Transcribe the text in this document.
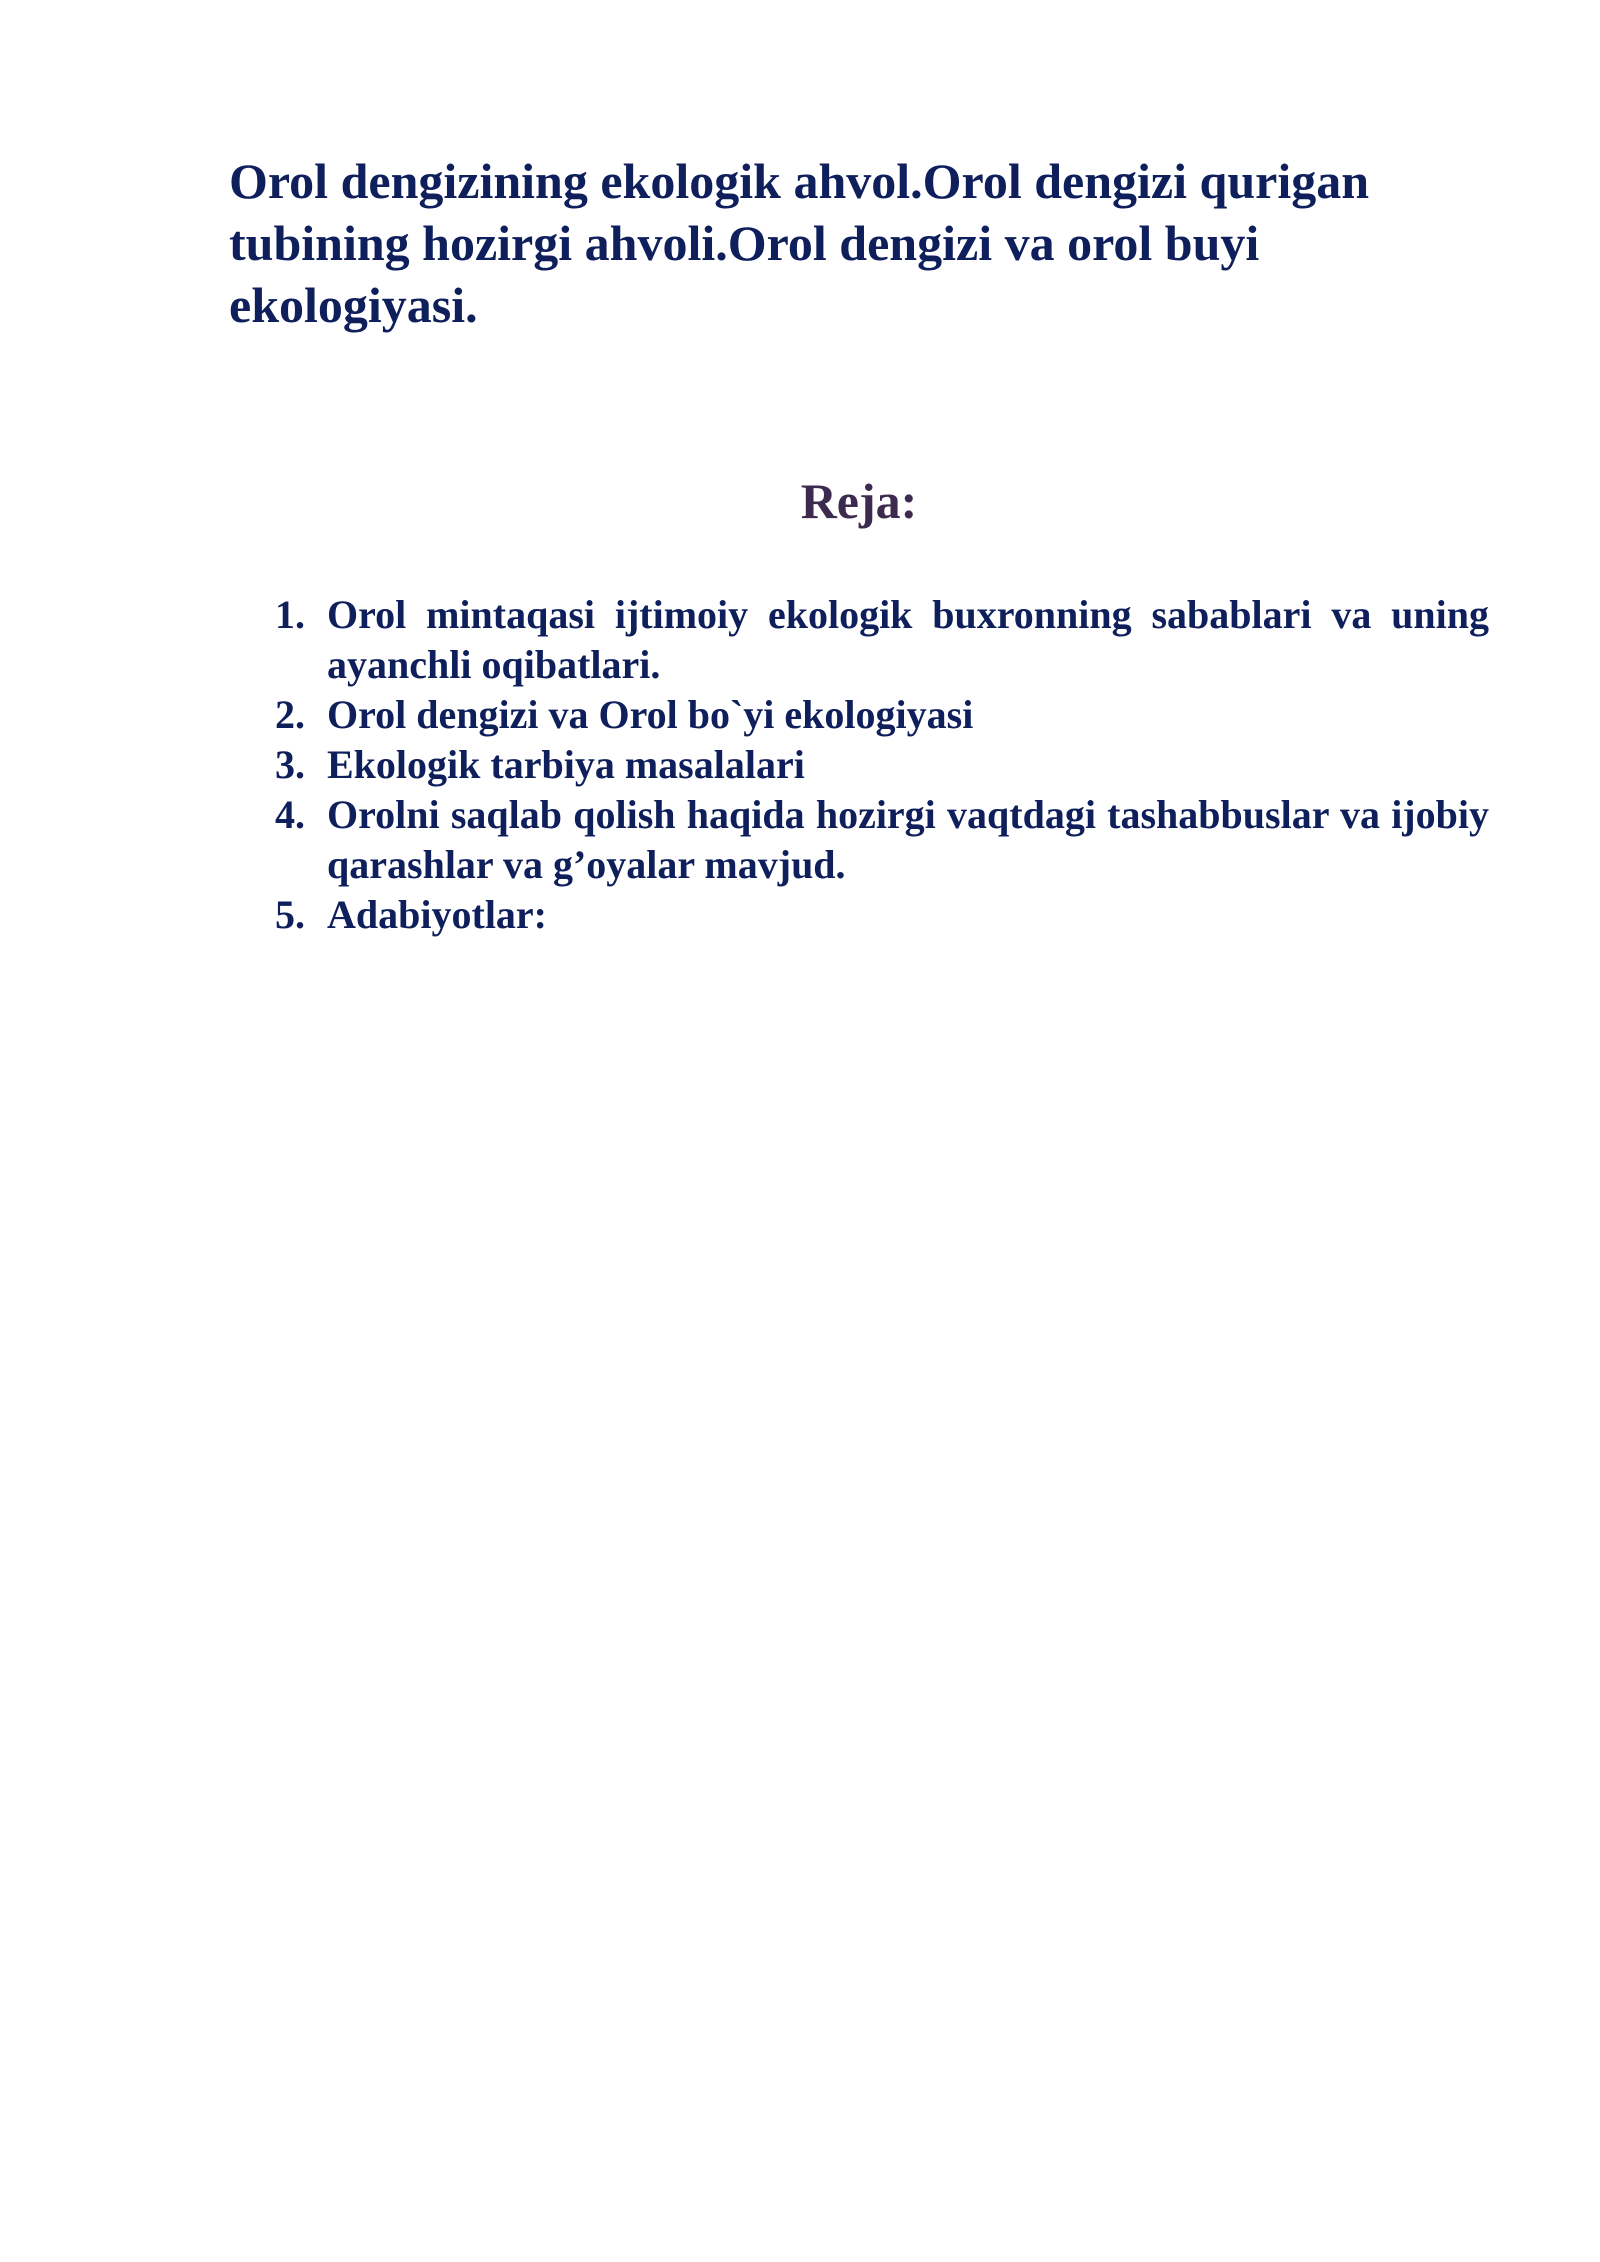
Orol dengizining ekologik ahvol.Orol dengizi qurigan tubining hozirgi ahvoli.Orol dengizi va orol buyi ekologiyasi.
Reja:
1. Orol mintaqasi ijtimoiy ekologik buxronning sabablari va uning ayanchli oqibatlari.
2. Orol dengizi va Orol bo`yi ekologiyasi
3. Ekologik tarbiya masalalari
4. Orolni saqlab qolish haqida hozirgi vaqtdagi tashabbuslar va ijobiy qarashlar va g’oyalar mavjud.
5. Adabiyotlar:
